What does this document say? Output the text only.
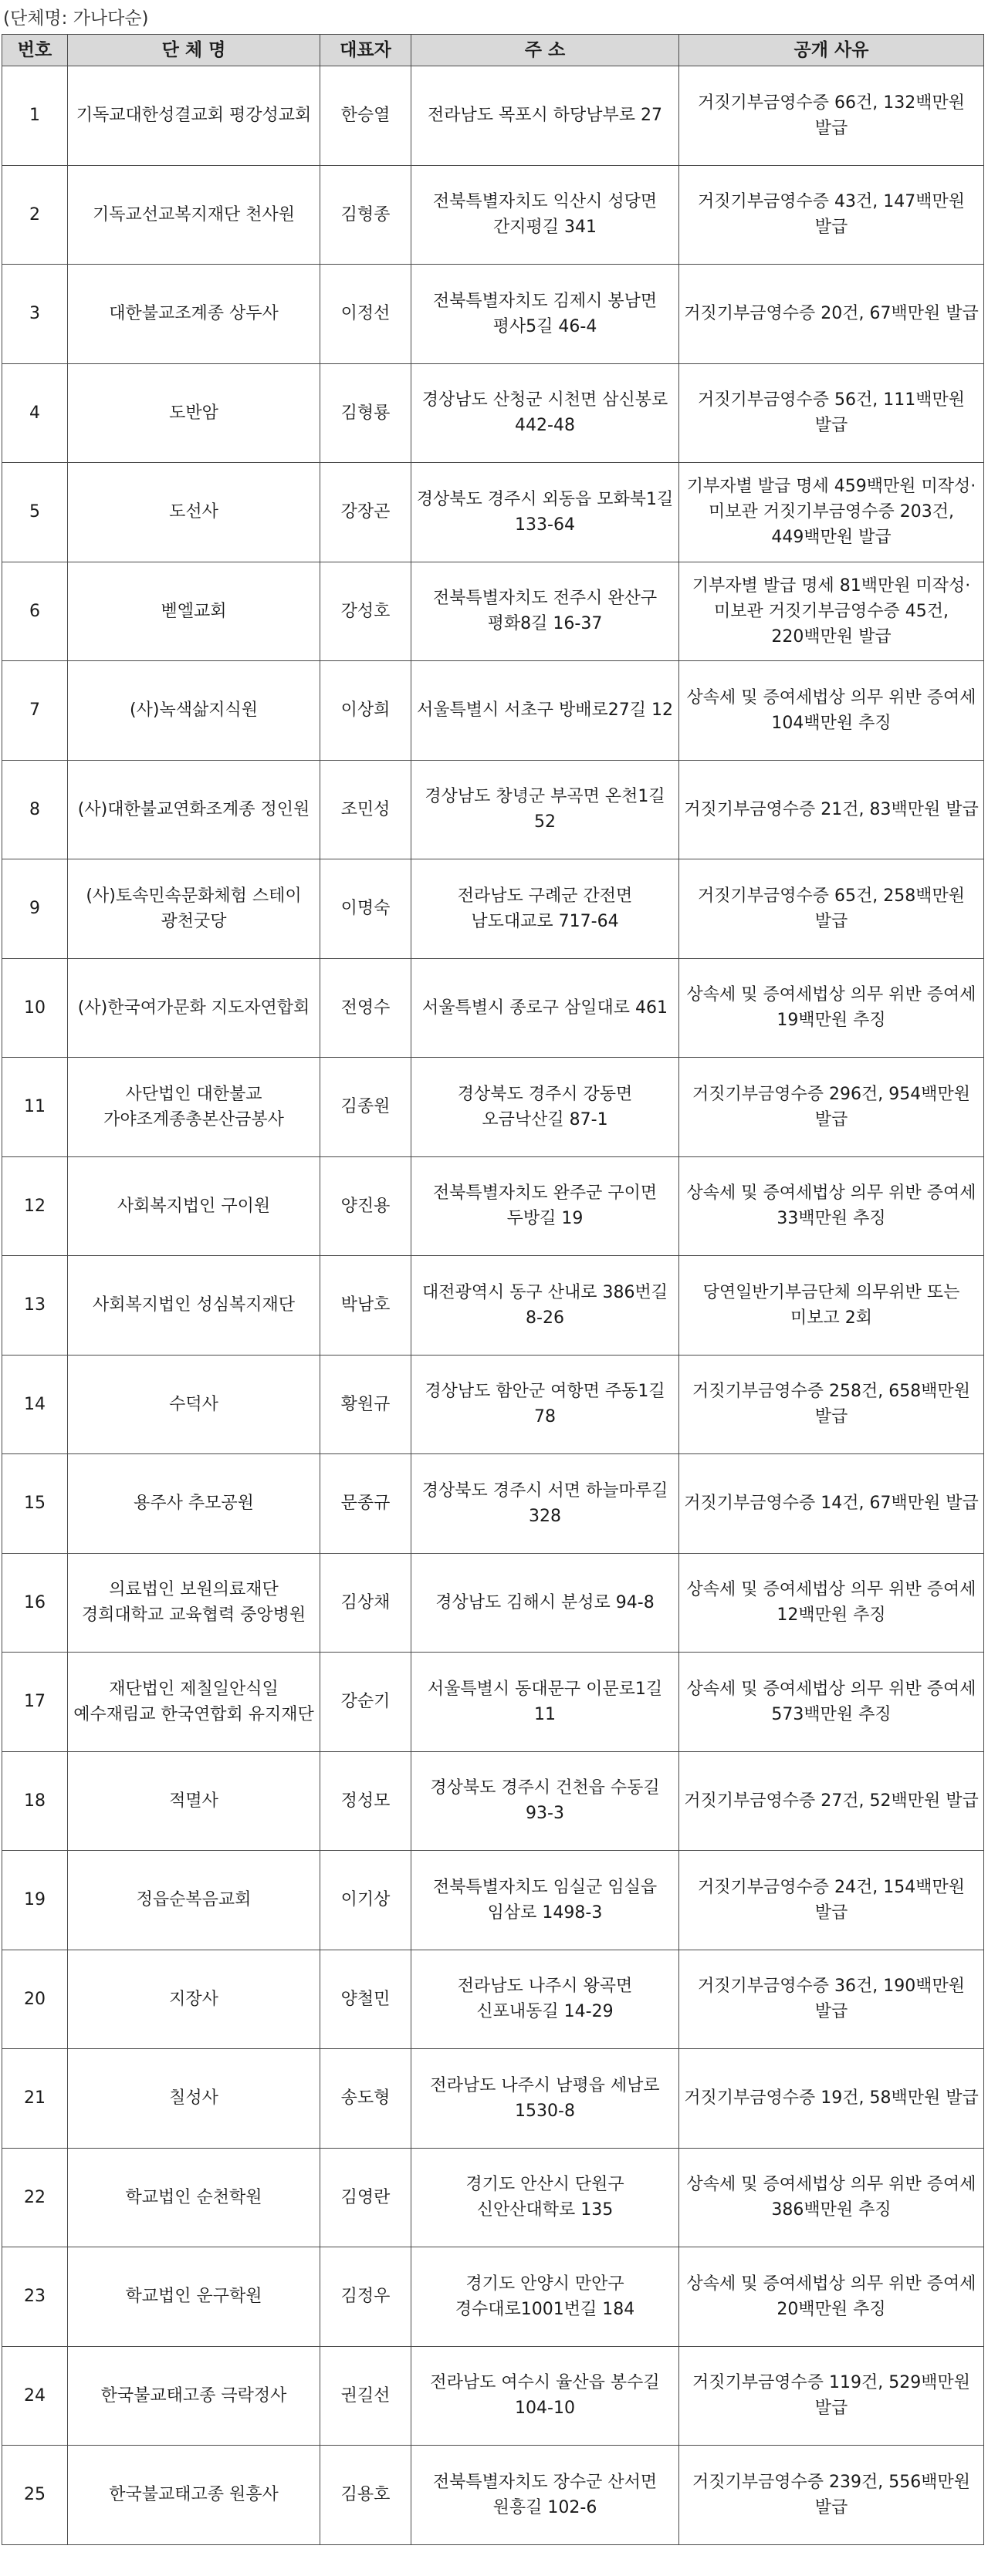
(단체명: 가나다순)
번호	단 체 명	대표자	주 소	공개 사유
1	기독교대한성결교회 평강성교회	한승열	전라남도 목포시 하당남부로 27	거짓기부금영수증 66건, 132백만원 발급
2	기독교선교복지재단 천사원	김형종	전북특별자치도 익산시 성당면 간지평길 341	거짓기부금영수증 43건, 147백만원 발급
3	대한불교조계종 상두사	이정선	전북특별자치도 김제시 봉남면 평사5길 46-4	거짓기부금영수증 20건, 67백만원 발급
4	도반암	김형룡	경상남도 산청군 시천면 삼신봉로 442-48	거짓기부금영수증 56건, 111백만원 발급
5	도선사	강장곤	경상북도 경주시 외동읍 모화북1길 133-64	기부자별 발급 명세 459백만원 미작성·미보관 거짓기부금영수증 203건, 449백만원 발급
6	벧엘교회	강성호	전북특별자치도 전주시 완산구 평화8길 16-37	기부자별 발급 명세 81백만원 미작성·미보관 거짓기부금영수증 45건, 220백만원 발급
7	(사)녹색삶지식원	이상희	서울특별시 서초구 방배로27길 12	상속세 및 증여세법상 의무 위반 증여세 104백만원 추징
8	(사)대한불교연화조계종 정인원	조민성	경상남도 창녕군 부곡면 온천1길 52	거짓기부금영수증 21건, 83백만원 발급
9	(사)토속민속문화체험 스테이 광천굿당	이명숙	전라남도 구례군 간전면 남도대교로 717-64	거짓기부금영수증 65건, 258백만원 발급
10	(사)한국여가문화 지도자연합회	전영수	서울특별시 종로구 삼일대로 461	상속세 및 증여세법상 의무 위반 증여세 19백만원 추징
11	사단법인 대한불교 가야조계종총본산금봉사	김종원	경상북도 경주시 강동면 오금낙산길 87-1	거짓기부금영수증 296건, 954백만원 발급
12	사회복지법인 구이원	양진용	전북특별자치도 완주군 구이면 두방길 19	상속세 및 증여세법상 의무 위반 증여세 33백만원 추징
13	사회복지법인 성심복지재단	박남호	대전광역시 동구 산내로 386번길 8-26	당연일반기부금단체 의무위반 또는 미보고 2회
14	수덕사	황원규	경상남도 함안군 여항면 주동1길 78	거짓기부금영수증 258건, 658백만원 발급
15	용주사 추모공원	문종규	경상북도 경주시 서면 하늘마루길 328	거짓기부금영수증 14건, 67백만원 발급
16	의료법인 보원의료재단 경희대학교 교육협력 중앙병원	김상채	경상남도 김해시 분성로 94-8	상속세 및 증여세법상 의무 위반 증여세 12백만원 추징
17	재단법인 제칠일안식일 예수재림교 한국연합회 유지재단	강순기	서울특별시 동대문구 이문로1길 11	상속세 및 증여세법상 의무 위반 증여세 573백만원 추징
18	적멸사	정성모	경상북도 경주시 건천읍 수동길 93-3	거짓기부금영수증 27건, 52백만원 발급
19	정읍순복음교회	이기상	전북특별자치도 임실군 임실읍 임삼로 1498-3	거짓기부금영수증 24건, 154백만원 발급
20	지장사	양철민	전라남도 나주시 왕곡면 신포내동길 14-29	거짓기부금영수증 36건, 190백만원 발급
21	칠성사	송도형	전라남도 나주시 남평읍 세남로 1530-8	거짓기부금영수증 19건, 58백만원 발급
22	학교법인 순천학원	김영란	경기도 안산시 단원구 신안산대학로 135	상속세 및 증여세법상 의무 위반 증여세 386백만원 추징
23	학교법인 운구학원	김정우	경기도 안양시 만안구 경수대로1001번길 184	상속세 및 증여세법상 의무 위반 증여세 20백만원 추징
24	한국불교태고종 극락정사	권길선	전라남도 여수시 율산읍 봉수길 104-10	거짓기부금영수증 119건, 529백만원 발급
25	한국불교태고종 원흥사	김용호	전북특별자치도 장수군 산서면 원흥길 102-6	거짓기부금영수증 239건, 556백만원 발급
